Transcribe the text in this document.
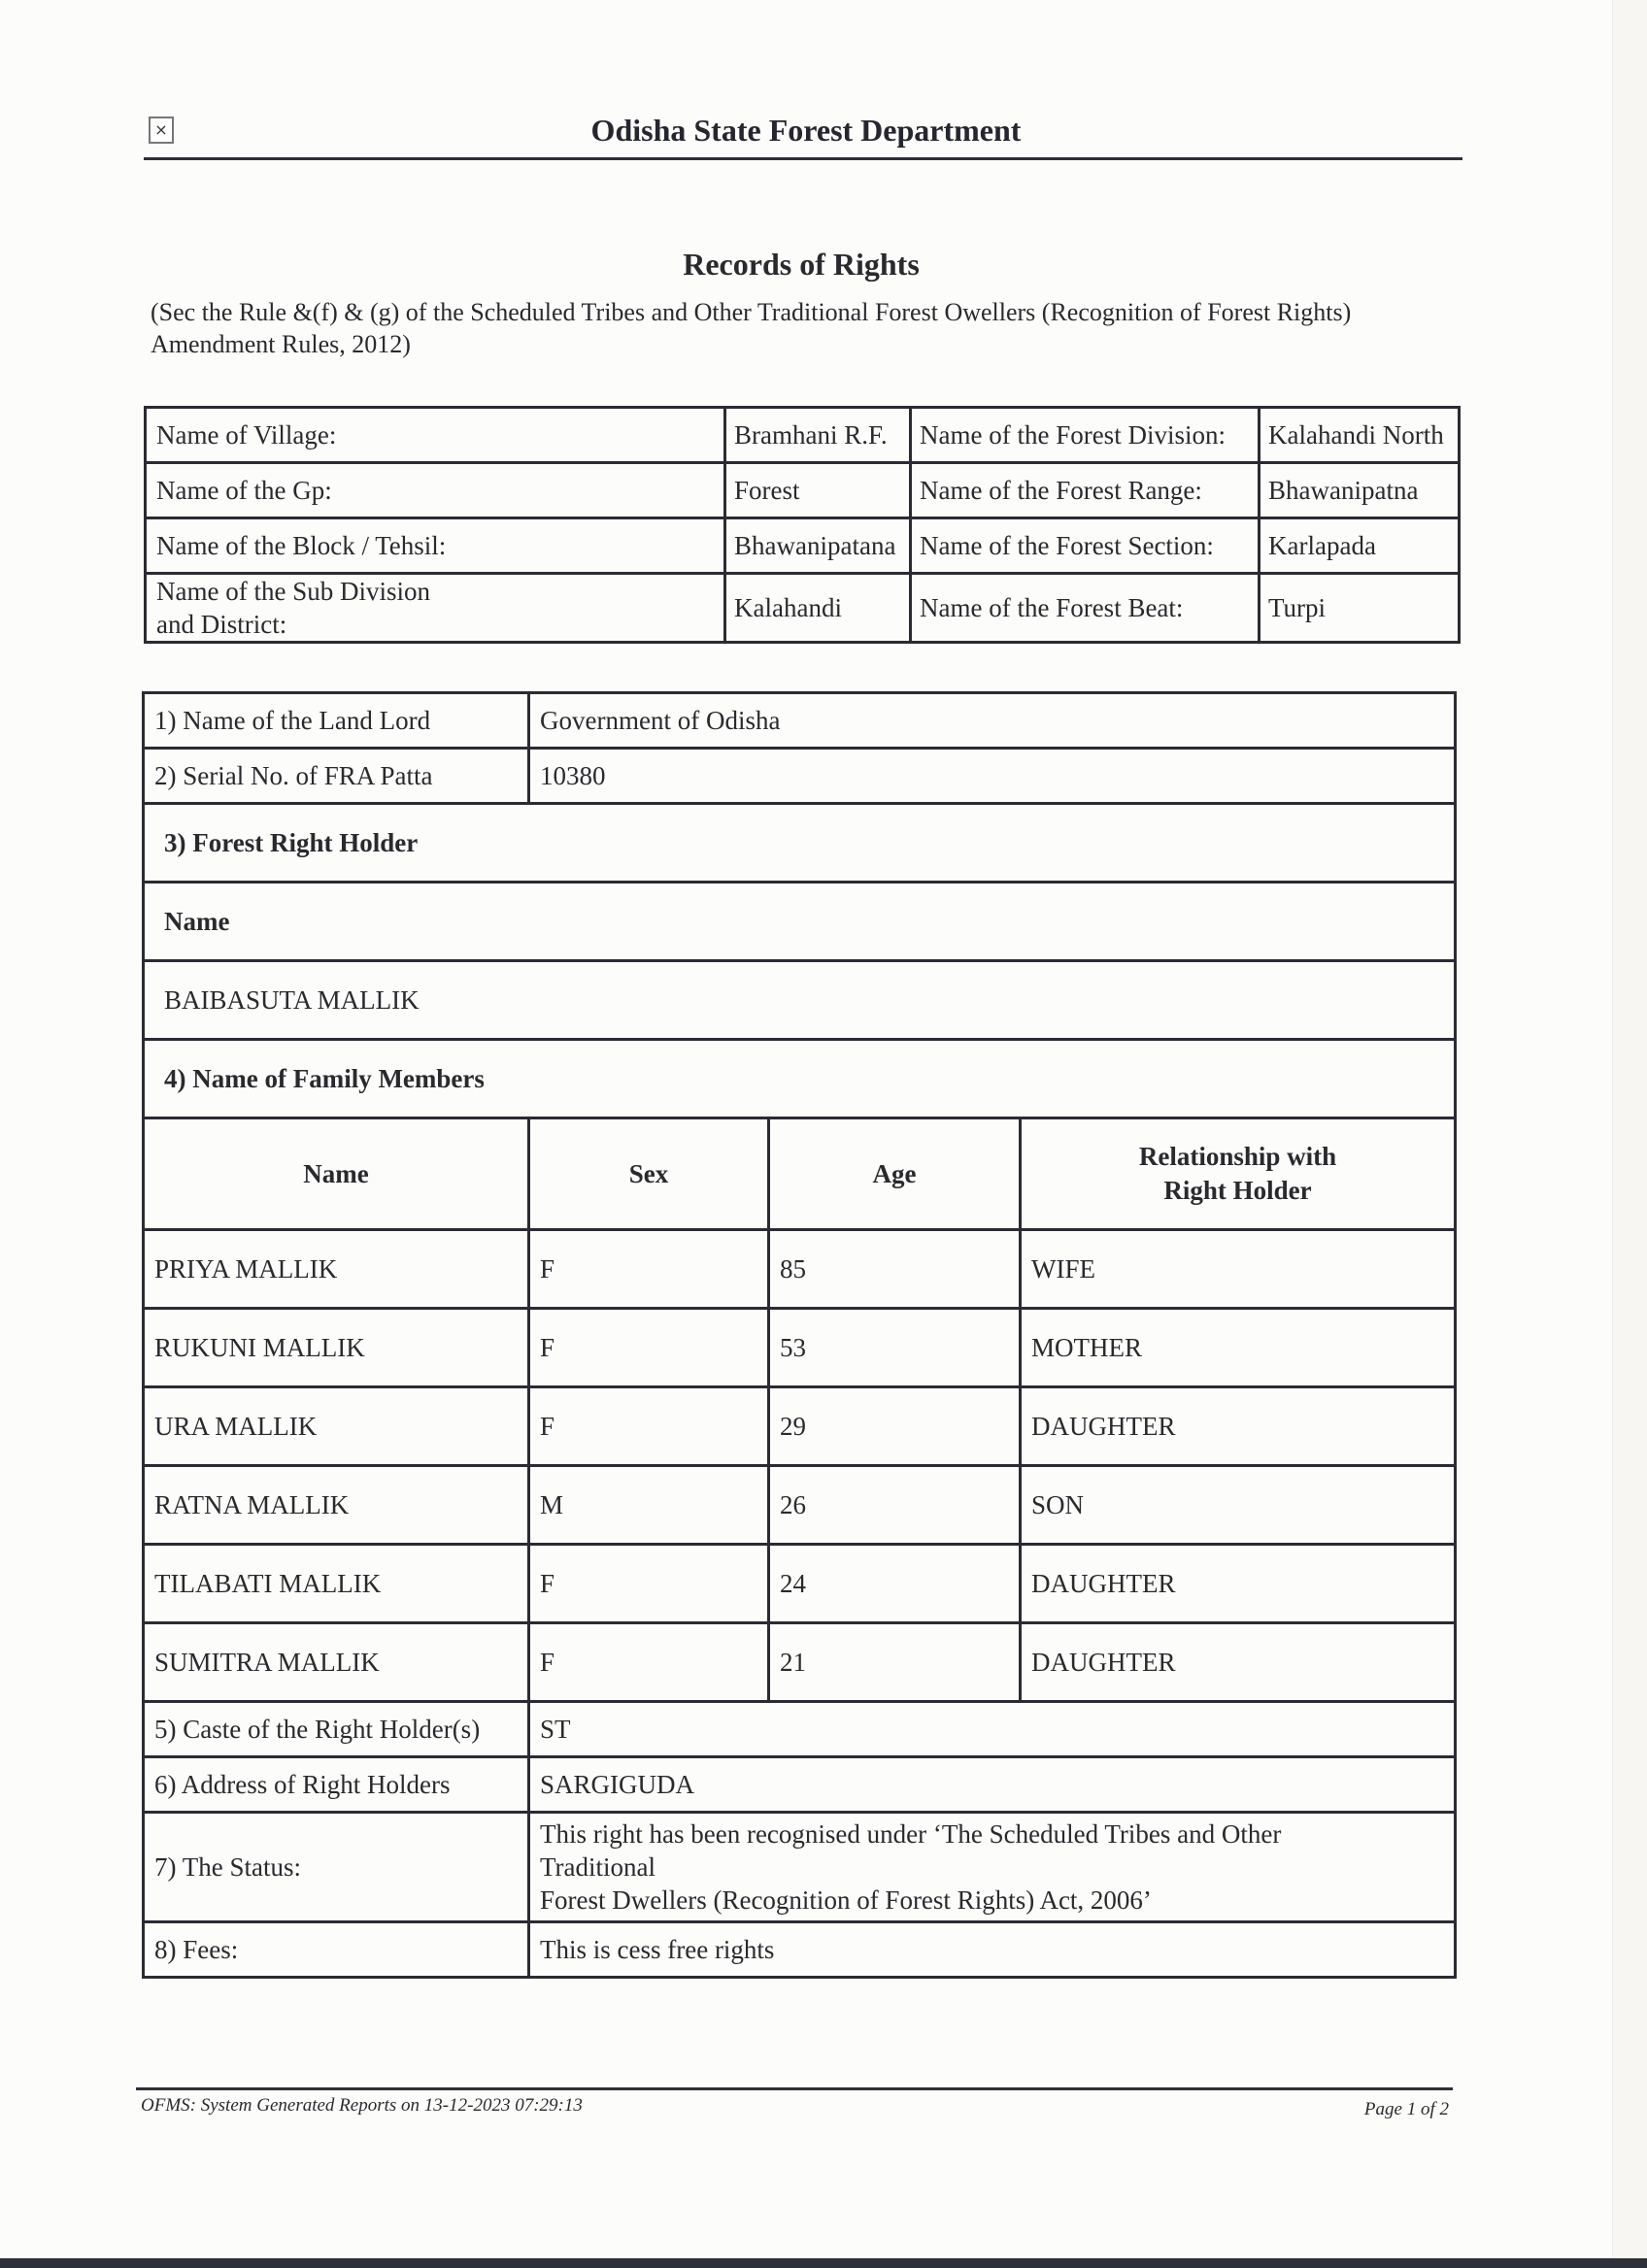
×	Odisha State Forest Department
Records of Rights
(Sec the Rule &(f) & (g) of the Scheduled Tribes and Other Traditional Forest Owellers (Recognition of Forest Rights) Amendment Rules, 2012)
Name of Village:	Bramhani R.F.	Name of the Forest Division:	Kalahandi North
Name of the Gp:	Forest	Name of the Forest Range:	Bhawanipatna
Name of the Block / Tehsil:	Bhawanipatana	Name of the Forest Section:	Karlapada
Name of the Sub Division and District:	Kalahandi	Name of the Forest Beat:	Turpi
1) Name of the Land Lord	Government of Odisha		
2) Serial No. of FRA Patta	10380		
3) Forest Right Holder			
Name			
BAIBASUTA MALLIK			
4) Name of Family Members			
Name	Sex	Age	Relationship with Right Holder
PRIYA MALLIK	F	85	WIFE
RUKUNI MALLIK	F	53	MOTHER
URA MALLIK	F	29	DAUGHTER
RATNA MALLIK	M	26	SON
TILABATI MALLIK	F	24	DAUGHTER
SUMITRA MALLIK	F	21	DAUGHTER
5) Caste of the Right Holder(s)	ST		
6) Address of Right Holders	SARGIGUDA		
7) The Status:	This right has been recognised under ‘The Scheduled Tribes and Other
Traditional
Forest Dwellers (Recognition of Forest Rights) Act, 2006’		

8) Fees:	This is cess free rights		
OFMS: System Generated Reports on 13-12-2023 07:29:13	Page 1 of 2
